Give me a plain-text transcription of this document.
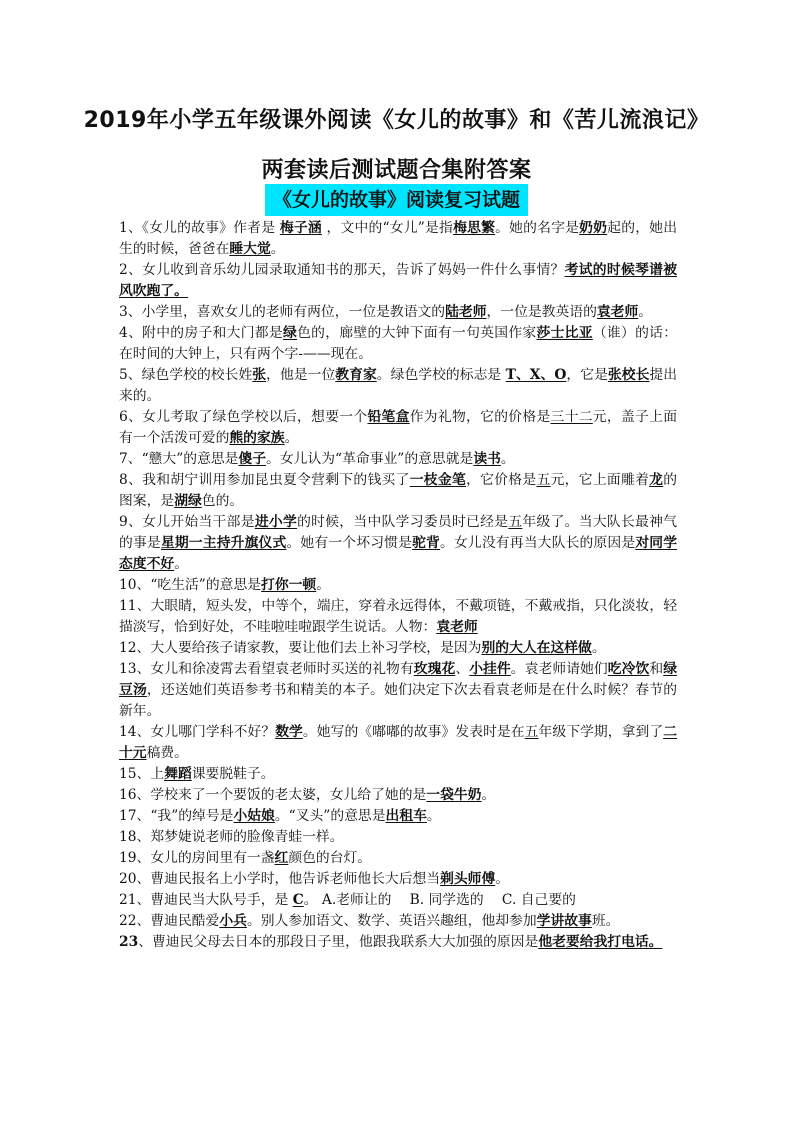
2019年小学五年级课外阅读《女儿的故事》和《苦儿流浪记》两套读后测试题合集附答案
《女儿的故事》阅读复习试题

1、《女儿的故事》作者是 梅子涵 ，文中的“女儿”是指梅思繁。她的名字是奶奶起的，她出生的时候，爸爸在睡大觉。

2、女儿收到音乐幼儿园录取通知书的那天，告诉了妈妈一件什么事情？考试的时候琴谱被风吹跑了。

3、小学里，喜欢女儿的老师有两位，一位是教语文的陆老师，一位是教英语的袁老师。

4、附中的房子和大门都是绿色的，廊壁的大钟下面有一句英国作家莎士比亚（谁）的话：在时间的大钟上，只有两个字-——现在。

5、绿色学校的校长姓张，他是一位教育家。绿色学校的标志是 T、X、O，它是张校长提出来的。

6、女儿考取了绿色学校以后，想要一个铅笔盒作为礼物，它的价格是三十二元，盖子上面有一个活泼可爱的熊的家族。

7、“戆大”的意思是傻子。女儿认为“革命事业”的意思就是读书。

8、我和胡宁训用参加昆虫夏令营剩下的钱买了一枝金笔，它价格是五元，它上面雕着龙的图案，是湖绿色的。

9、女儿开始当干部是进小学的时候，当中队学习委员时已经是五年级了。当大队长最神气的事是星期一主持升旗仪式。她有一个坏习惯是驼背。女儿没有再当大队长的原因是对同学态度不好。

10、“吃生活”的意思是打你一顿。

11、大眼睛，短头发，中等个，端庄，穿着永远得体，不戴项链，不戴戒指，只化淡妆，轻描淡写，恰到好处，不哇啦哇啦跟学生说话。人物：袁老师

12、大人要给孩子请家教，要让他们去上补习学校，是因为别的大人在这样做。

13、女儿和徐凌霄去看望袁老师时买送的礼物有玫瑰花、小挂件。袁老师请她们吃冷饮和绿豆汤，还送她们英语参考书和精美的本子。她们决定下次去看袁老师是在什么时候？春节的新年。

14、女儿哪门学科不好？数学。她写的《嘟嘟的故事》发表时是在五年级下学期，拿到了二十元稿费。

15、上舞蹈课要脱鞋子。

16、学校来了一个要饭的老太婆，女儿给了她的是一袋牛奶。

17、“我”的绰号是小姑娘。“叉头”的意思是出租车。

18、郑梦婕说老师的脸像青蛙一样。

19、女儿的房间里有一盏红颜色的台灯。

20、曹迪民报名上小学时，他告诉老师他长大后想当剃头师傅。

21、曹迪民当大队号手，是 C。 A.老师让的　 B. 同学选的　 C. 自己要的

22、曹迪民酷爱小兵。别人参加语文、数学、英语兴趣组，他却参加学讲故事班。

23、曹迪民父母去日本的那段日子里，他跟我联系大大加强的原因是他老要给我打电话。
